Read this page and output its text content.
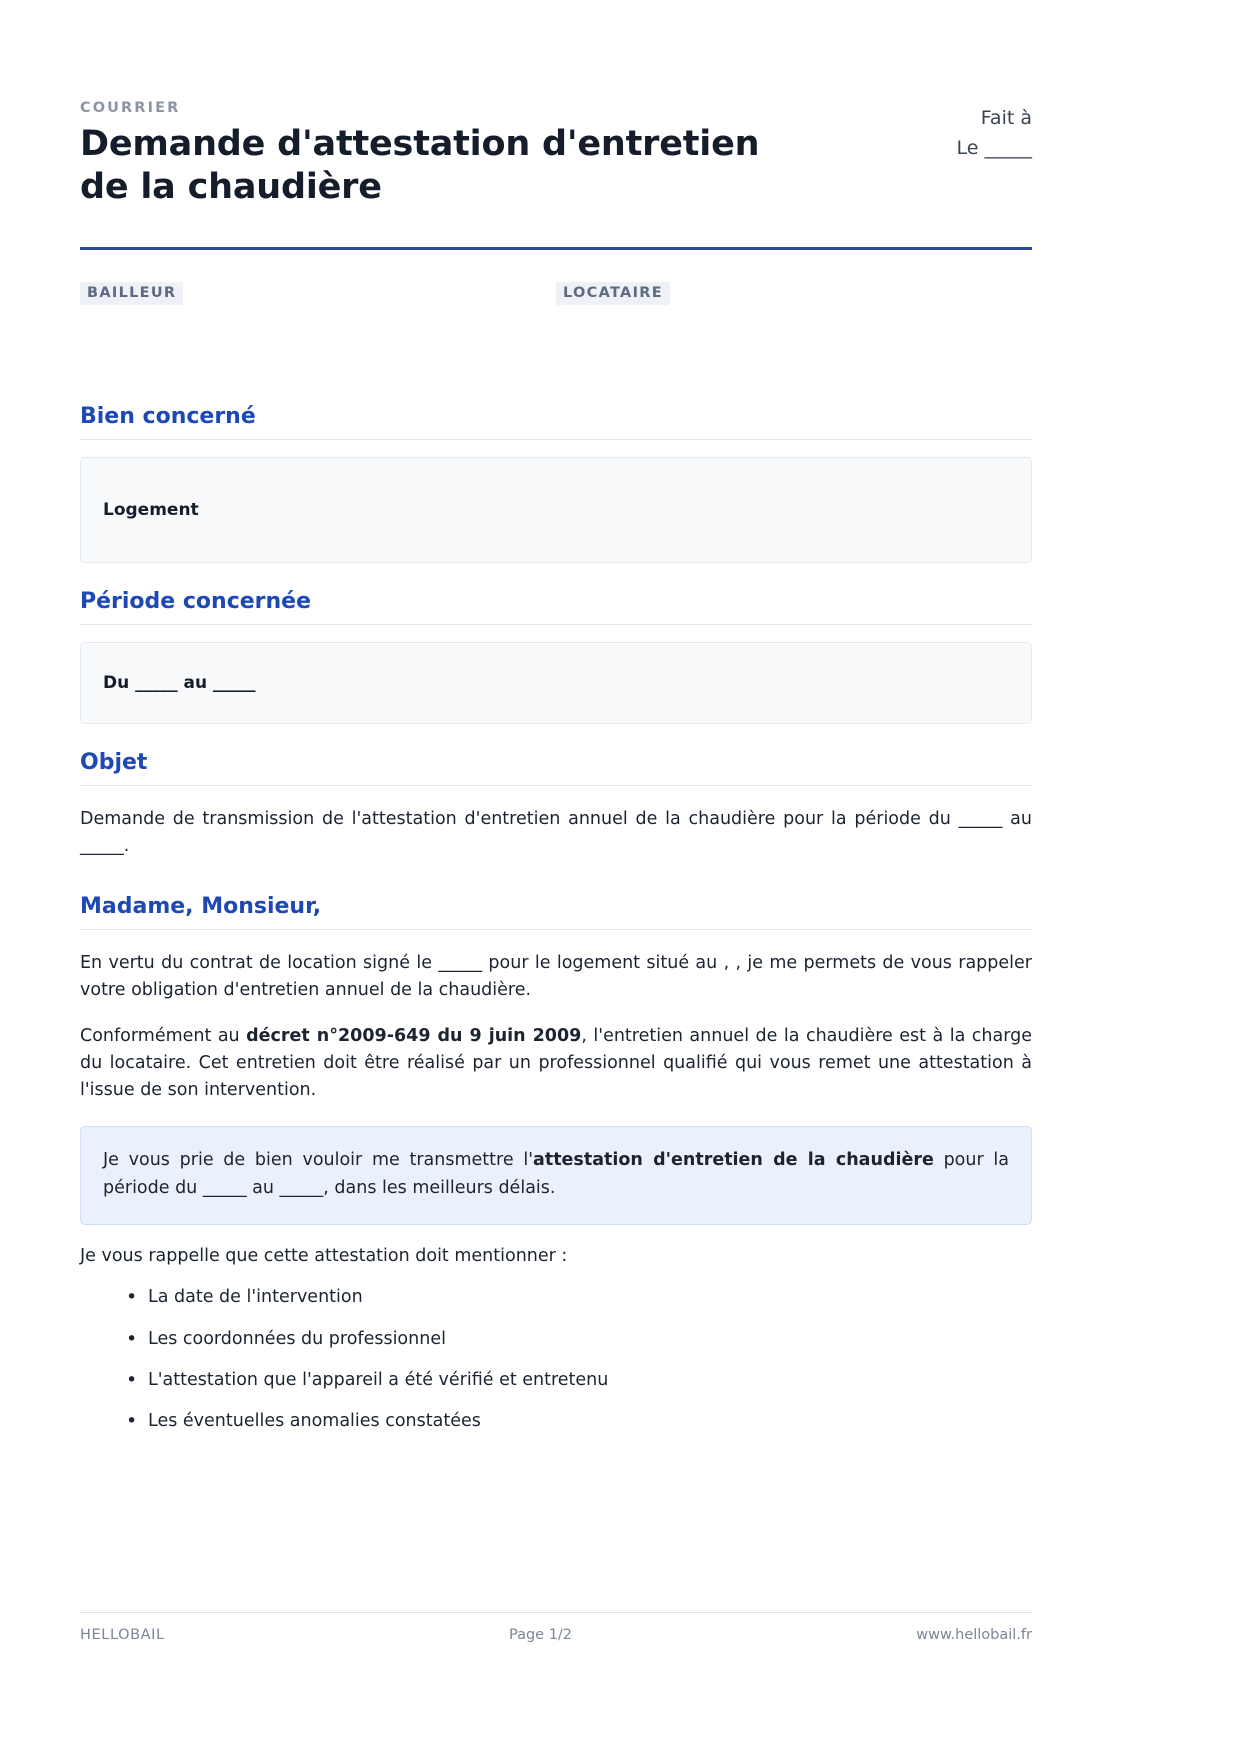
COURRIER
Demande d'attestation d'entretien de la chaudière
Fait à
Le _____
BAILLEUR	LOCATAIRE
Bien concerné
Logement
Période concernée
Du _____ au _____
Objet

Demande de transmission de l'attestation d'entretien annuel de la chaudière pour la période du _____ au _____.

Madame, Monsieur,

En vertu du contrat de location signé le _____ pour le logement situé au , , je me permets de vous rappeler votre obligation d'entretien annuel de la chaudière.

Conformément au décret n°2009-649 du 9 juin 2009, l'entretien annuel de la chaudière est à la charge du locataire. Cet entretien doit être réalisé par un professionnel qualifié qui vous remet une attestation à l'issue de son intervention.

Je vous prie de bien vouloir me transmettre l'attestation d'entretien de la chaudière pour la période du _____ au _____, dans les meilleurs délais.

Je vous rappelle que cette attestation doit mentionner :

• La date de l'intervention
• Les coordonnées du professionnel
• L'attestation que l'appareil a été vérifié et entretenu
• Les éventuelles anomalies constatées
HELLOBAIL	Page 1/2	www.hellobail.fr
